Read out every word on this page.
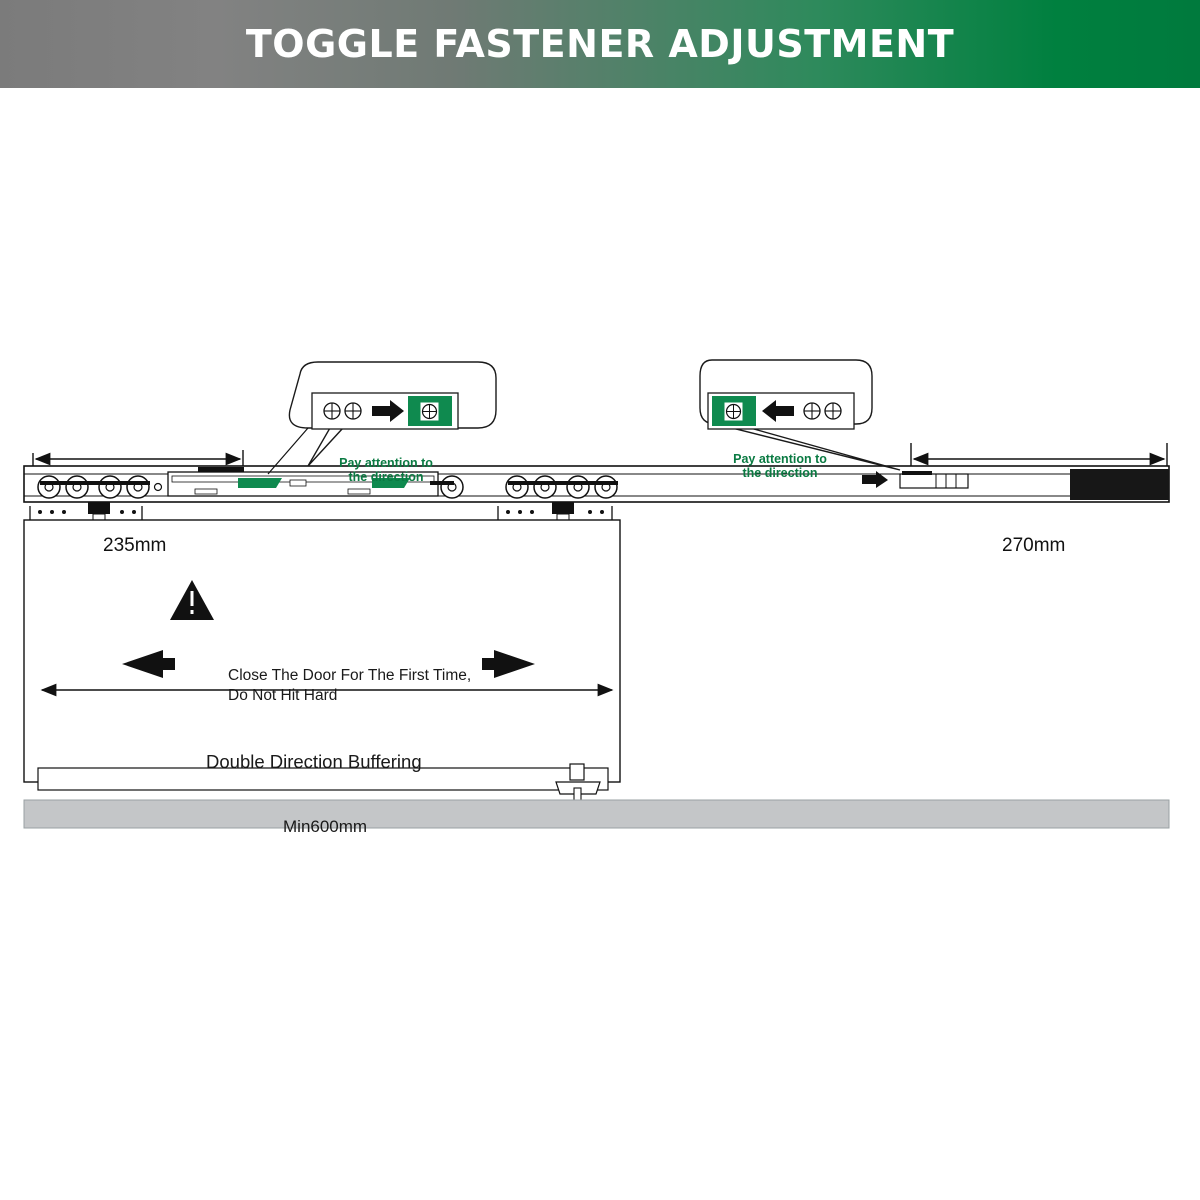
TOGGLE FASTENER ADJUSTMENT
Pay attention to
the direction
Pay attention to
the direction
235mm	270mm
Close The Door For The First Time,
Do Not Hit Hard
Double Direction Buffering
Min600mm
Hangingrail
